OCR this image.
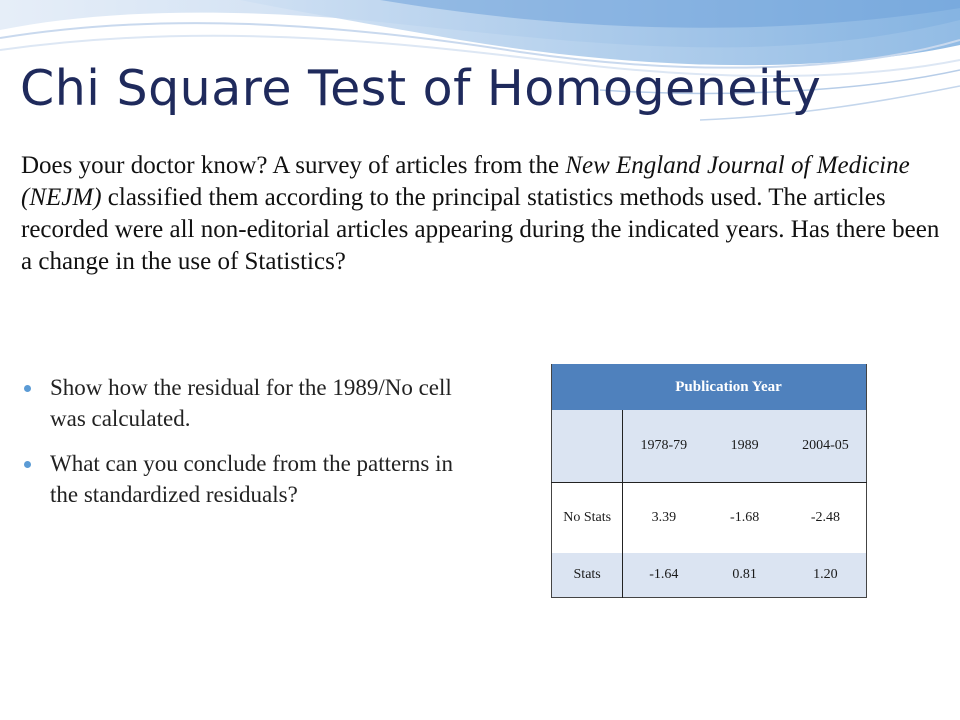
Chi Square Test of Homogeneity

Does your doctor know? A survey of articles from the New England Journal of Medicine (NEJM) classified them according to the principal statistics methods used. The articles recorded were all non-editorial articles appearing during the indicated years. Has there been a change in the use of Statistics?

Show how the residual for the 1989/No cell was calculated.
What can you conclude from the patterns in the standardized residuals?
Publication Year			
	1978-79	1989	2004-05
No Stats	3.39	-1.68	-2.48
Stats	-1.64	0.81	1.20
